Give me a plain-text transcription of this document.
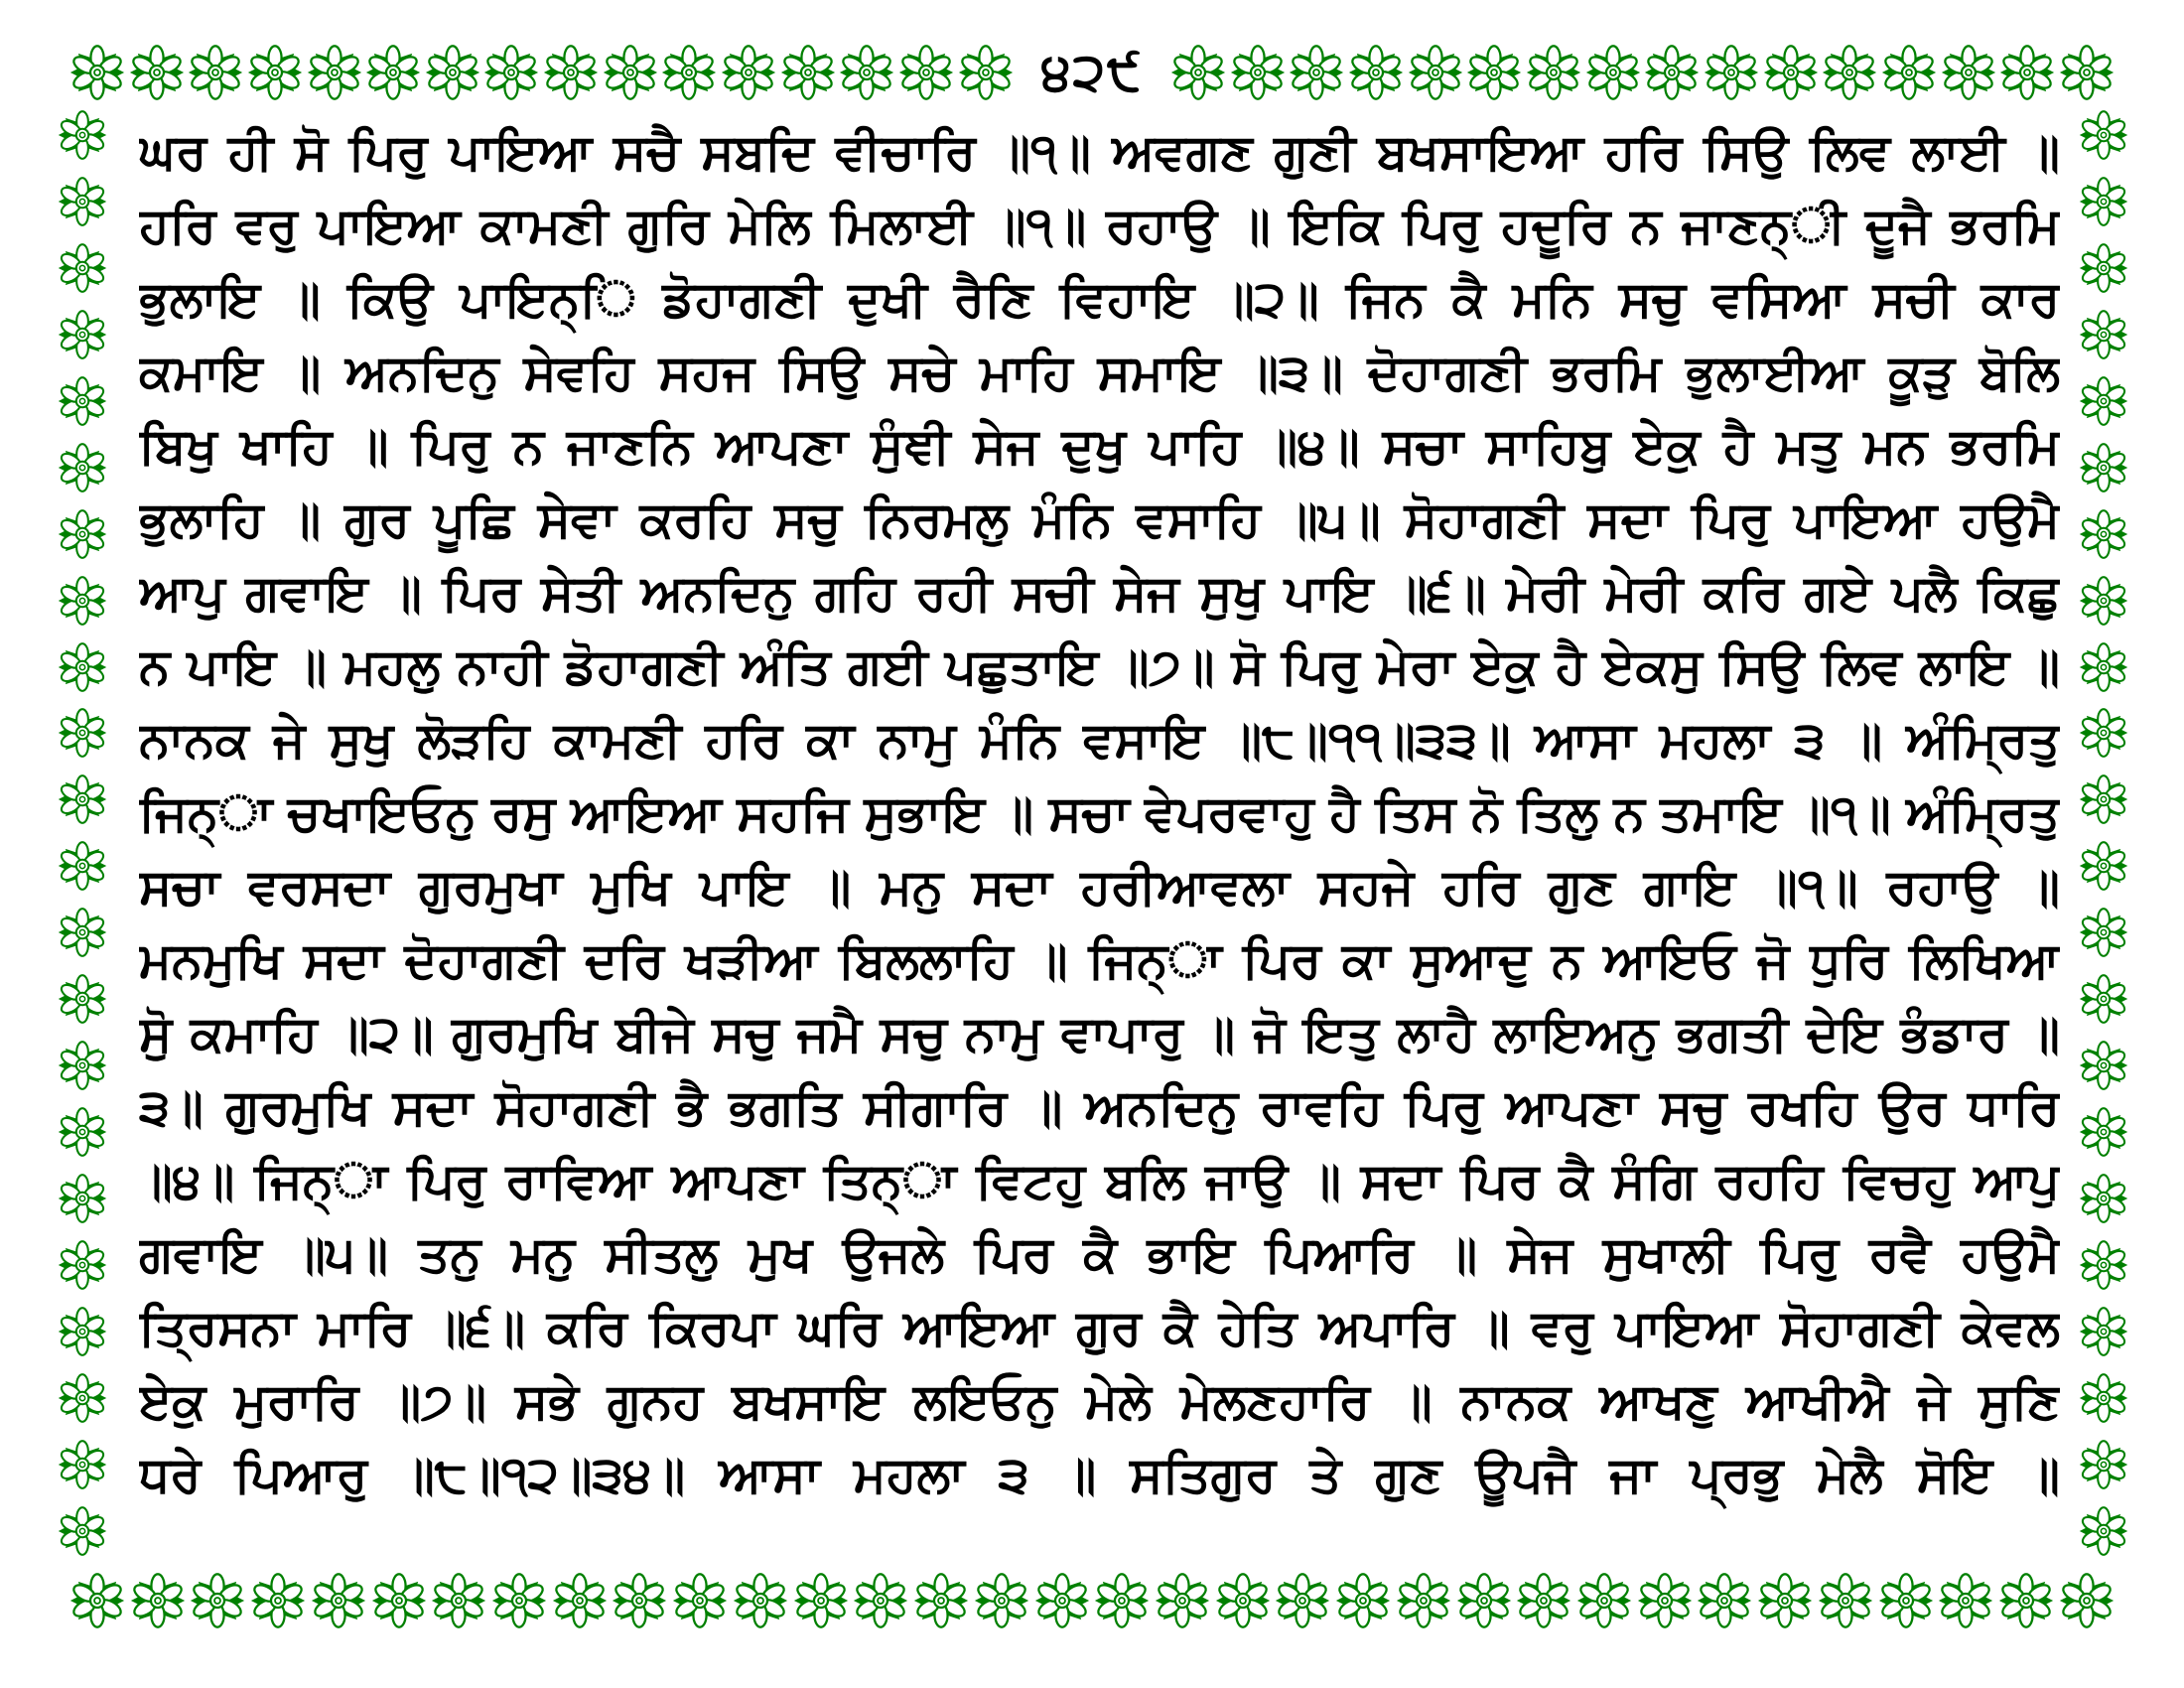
੪੨੯
ਘਰ ਹੀ ਸੋ ਪਿਰੁ ਪਾਇਆ ਸਚੈ ਸਬਦਿ ਵੀਚਾਰਿ ॥੧॥ ਅਵਗਣ ਗੁਣੀ ਬਖਸਾਇਆ ਹਰਿ ਸਿਉ ਲਿਵ ਲਾਈ ॥
ਹਰਿ ਵਰੁ ਪਾਇਆ ਕਾਮਣੀ ਗੁਰਿ ਮੇਲਿ ਮਿਲਾਈ ॥੧॥ ਰਹਾਉ ॥ ਇਕਿ ਪਿਰੁ ਹਦੂਰਿ ਨ ਜਾਣਨ੍ੀ ਦੂਜੈ ਭਰਮਿ
ਭੁਲਾਇ ॥ ਕਿਉ ਪਾਇਨ੍ਿ ਡੋਹਾਗਣੀ ਦੁਖੀ ਰੈਣਿ ਵਿਹਾਇ ॥੨॥ ਜਿਨ ਕੈ ਮਨਿ ਸਚੁ ਵਸਿਆ ਸਚੀ ਕਾਰ
ਕਮਾਇ ॥ ਅਨਦਿਨੁ ਸੇਵਹਿ ਸਹਜ ਸਿਉ ਸਚੇ ਮਾਹਿ ਸਮਾਇ ॥੩॥ ਦੋਹਾਗਣੀ ਭਰਮਿ ਭੁਲਾਈਆ ਕੂੜੁ ਬੋਲਿ
ਬਿਖੁ ਖਾਹਿ ॥ ਪਿਰੁ ਨ ਜਾਣਨਿ ਆਪਣਾ ਸੁੰਞੀ ਸੇਜ ਦੁਖੁ ਪਾਹਿ ॥੪॥ ਸਚਾ ਸਾਹਿਬੁ ਏਕੁ ਹੈ ਮਤੁ ਮਨ ਭਰਮਿ
ਭੁਲਾਹਿ ॥ ਗੁਰ ਪੂਛਿ ਸੇਵਾ ਕਰਹਿ ਸਚੁ ਨਿਰਮਲੁ ਮੰਨਿ ਵਸਾਹਿ ॥੫॥ ਸੋਹਾਗਣੀ ਸਦਾ ਪਿਰੁ ਪਾਇਆ ਹਉਮੈ
ਆਪੁ ਗਵਾਇ ॥ ਪਿਰ ਸੇਤੀ ਅਨਦਿਨੁ ਗਹਿ ਰਹੀ ਸਚੀ ਸੇਜ ਸੁਖੁ ਪਾਇ ॥੬॥ ਮੇਰੀ ਮੇਰੀ ਕਰਿ ਗਏ ਪਲੈ ਕਿਛੁ
ਨ ਪਾਇ ॥ ਮਹਲੁ ਨਾਹੀ ਡੋਹਾਗਣੀ ਅੰਤਿ ਗਈ ਪਛੁਤਾਇ ॥੭॥ ਸੋ ਪਿਰੁ ਮੇਰਾ ਏਕੁ ਹੈ ਏਕਸੁ ਸਿਉ ਲਿਵ ਲਾਇ ॥
ਨਾਨਕ ਜੇ ਸੁਖੁ ਲੋੜਹਿ ਕਾਮਣੀ ਹਰਿ ਕਾ ਨਾਮੁ ਮੰਨਿ ਵਸਾਇ ॥੮॥੧੧॥੩੩॥ ਆਸਾ ਮਹਲਾ ੩ ॥ ਅੰਮ੍ਰਿਤੁ
ਜਿਨ੍ਾ ਚਖਾਇਓਨੁ ਰਸੁ ਆਇਆ ਸਹਜਿ ਸੁਭਾਇ ॥ ਸਚਾ ਵੇਪਰਵਾਹੁ ਹੈ ਤਿਸ ਨੋ ਤਿਲੁ ਨ ਤਮਾਇ ॥੧॥ ਅੰਮ੍ਰਿਤੁ
ਸਚਾ ਵਰਸਦਾ ਗੁਰਮੁਖਾ ਮੁਖਿ ਪਾਇ ॥ ਮਨੁ ਸਦਾ ਹਰੀਆਵਲਾ ਸਹਜੇ ਹਰਿ ਗੁਣ ਗਾਇ ॥੧॥ ਰਹਾਉ ॥
ਮਨਮੁਖਿ ਸਦਾ ਦੋਹਾਗਣੀ ਦਰਿ ਖੜੀਆ ਬਿਲਲਾਹਿ ॥ ਜਿਨ੍ਾ ਪਿਰ ਕਾ ਸੁਆਦੁ ਨ ਆਇਓ ਜੋ ਧੁਰਿ ਲਿਖਿਆ
ਸੁੋ ਕਮਾਹਿ ॥੨॥ ਗੁਰਮੁਖਿ ਬੀਜੇ ਸਚੁ ਜਮੈ ਸਚੁ ਨਾਮੁ ਵਾਪਾਰੁ ॥ ਜੋ ਇਤੁ ਲਾਹੈ ਲਾਇਅਨੁ ਭਗਤੀ ਦੇਇ ਭੰਡਾਰ ॥
੩॥ ਗੁਰਮੁਖਿ ਸਦਾ ਸੋਹਾਗਣੀ ਭੈ ਭਗਤਿ ਸੀਗਾਰਿ ॥ ਅਨਦਿਨੁ ਰਾਵਹਿ ਪਿਰੁ ਆਪਣਾ ਸਚੁ ਰਖਹਿ ਉਰ ਧਾਰਿ
॥੪॥ ਜਿਨ੍ਾ ਪਿਰੁ ਰਾਵਿਆ ਆਪਣਾ ਤਿਨ੍ਾ ਵਿਟਹੁ ਬਲਿ ਜਾਉ ॥ ਸਦਾ ਪਿਰ ਕੈ ਸੰਗਿ ਰਹਹਿ ਵਿਚਹੁ ਆਪੁ
ਗਵਾਇ ॥੫॥ ਤਨੁ ਮਨੁ ਸੀਤਲੁ ਮੁਖ ਉਜਲੇ ਪਿਰ ਕੈ ਭਾਇ ਪਿਆਰਿ ॥ ਸੇਜ ਸੁਖਾਲੀ ਪਿਰੁ ਰਵੈ ਹਉਮੈ
ਤ੍ਰਿਸਨਾ ਮਾਰਿ ॥੬॥ ਕਰਿ ਕਿਰਪਾ ਘਰਿ ਆਇਆ ਗੁਰ ਕੈ ਹੇਤਿ ਅਪਾਰਿ ॥ ਵਰੁ ਪਾਇਆ ਸੋਹਾਗਣੀ ਕੇਵਲ
ਏਕੁ ਮੁਰਾਰਿ ॥੭॥ ਸਭੇ ਗੁਨਹ ਬਖਸਾਇ ਲਇਓਨੁ ਮੇਲੇ ਮੇਲਣਹਾਰਿ ॥ ਨਾਨਕ ਆਖਣੁ ਆਖੀਐ ਜੇ ਸੁਣਿ
ਧਰੇ ਪਿਆਰੁ ॥੮॥੧੨॥੩੪॥ ਆਸਾ ਮਹਲਾ ੩ ॥ ਸਤਿਗੁਰ ਤੇ ਗੁਣ ਊਪਜੈ ਜਾ ਪ੍ਰਭੁ ਮੇਲੈ ਸੋਇ ॥
